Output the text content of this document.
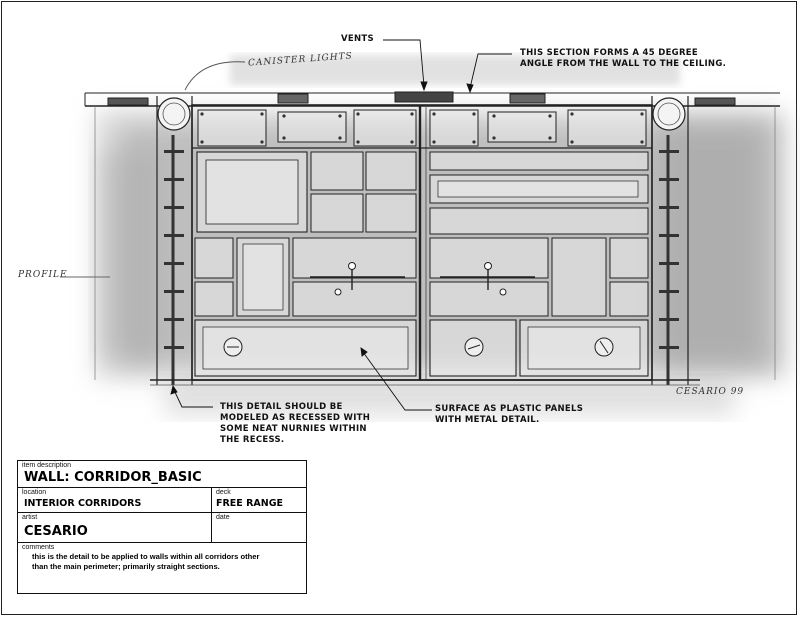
VENTS
THIS SECTION FORMS A 45 DEGREE
ANGLE FROM THE WALL TO THE CEILING.
CANISTER LIGHTS
PROFILE
THIS DETAIL SHOULD BE
MODELED AS RECESSED WITH
SOME NEAT NURNIES WITHIN
THE RECESS.
SURFACE AS PLASTIC PANELS
WITH METAL DETAIL.
CESARIO 99
item description
WALL: CORRIDOR_BASIC
location
INTERIOR CORRIDORS
deck
FREE RANGE
artist
CESARIO
date
comments
this is the detail to be applied to walls within all corridors other
than the main perimeter; primarily straight sections.
